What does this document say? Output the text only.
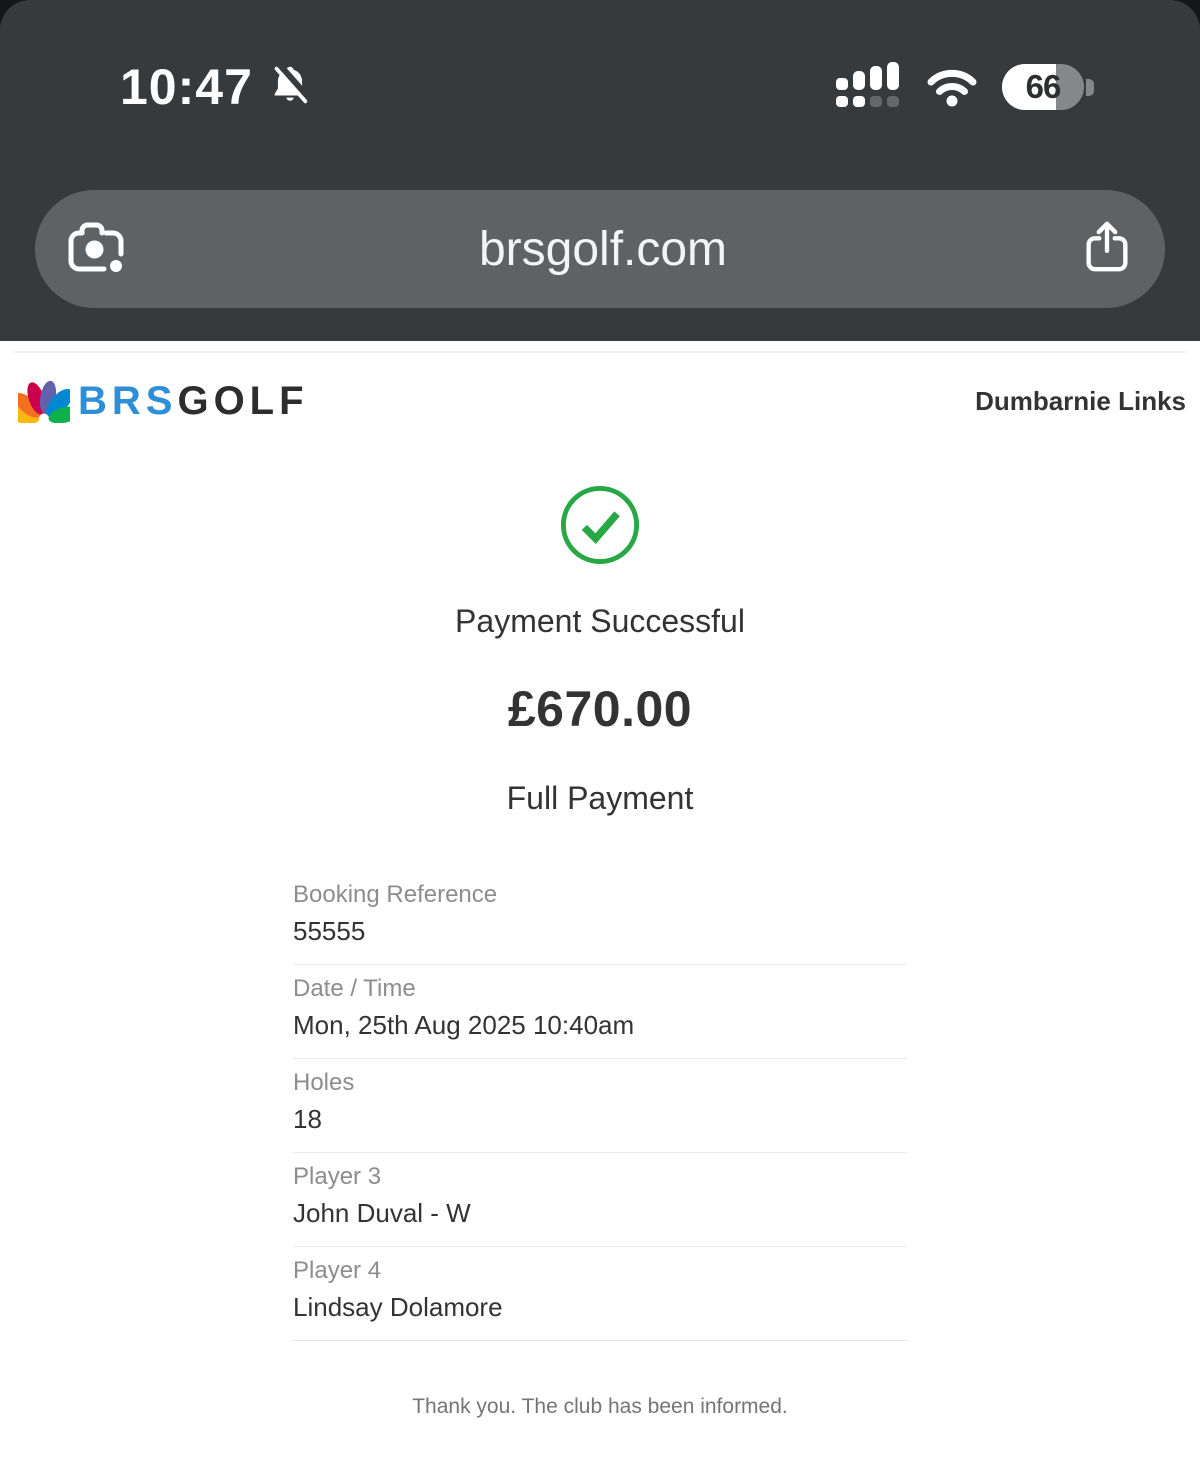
10:47	66
brsgolf.com
BRSGOLF	Dumbarnie Links
Payment Successful
£670.00
Full Payment
Booking Reference
55555
Date / Time
Mon, 25th Aug 2025 10:40am
Holes
18
Player 3
John Duval - W
Player 4
Lindsay Dolamore
Thank you. The club has been informed.
